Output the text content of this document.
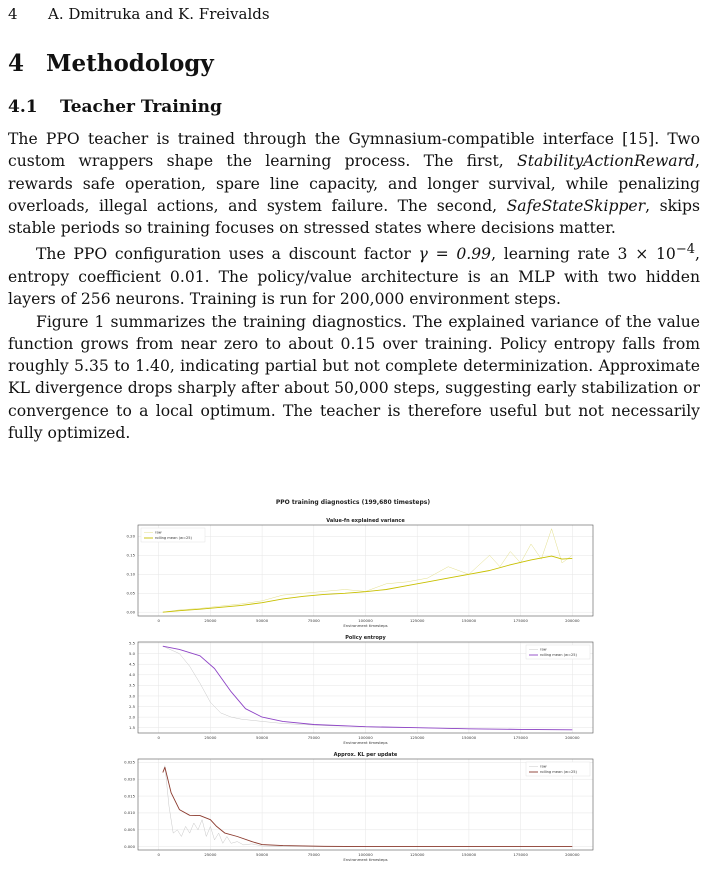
4 A. Dmitruka and K. Freivalds
4 Methodology
4.1 Teacher Training

The PPO teacher is trained through the Gymnasium-compatible interface [15]. Two custom wrappers shape the learning process. The first, StabilityActionReward, rewards safe operation, spare line capacity, and longer survival, while penalizing overloads, illegal actions, and system failure. The second, SafeStateSkipper, skips stable periods so training focuses on stressed states where decisions matter.

The PPO configuration uses a discount factor γ = 0.99, learning rate $3 \times 10^{-4}$, entropy coefficient 0.01. The policy/value architecture is an MLP with two hidden layers of 256 neurons. Training is run for 200,000 environment steps.

Figure 1 summarizes the training diagnostics. The explained variance of the value function grows from near zero to about 0.15 over training. Policy entropy falls from roughly 5.35 to 1.40, indicating partial but not complete determinization. Approximate KL divergence drops sharply after about 50,000 steps, suggesting early stabilization or convergence to a local optimum. The teacher is therefore useful but not necessarily fully optimized.

PPO training diagnostics (199,680 timesteps)
Value-fn explained variance
0	25000	50000	75000	100000	125000	150000	175000	200000
0.00
0.05
0.10
0.15
0.20
Environment timesteps
raw
rolling mean (w=25)
Policy entropy
0	25000	50000	75000	100000	125000	150000	175000	200000
1.5
2.0
2.5
3.0
3.5
4.0
4.5
5.0
5.5
Environment timesteps
raw
rolling mean (w=25)
Approx. KL per update
0	25000	50000	75000	100000	125000	150000	175000	200000
0.000
0.005
0.010
0.015
0.020
0.025
Environment timesteps
raw
rolling mean (w=25)
